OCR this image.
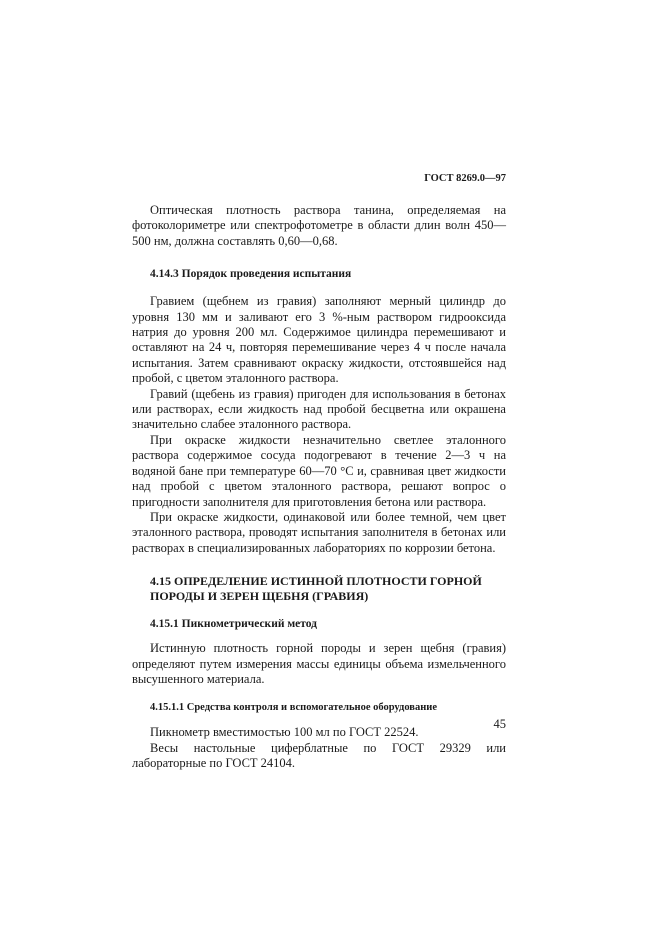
ГОСТ 8269.0—97

Оптическая плотность раствора танина, определяемая на фотоколориметре или спектрофотометре в области длин волн 450—500 нм, должна составлять 0,60—0,68.

4.14.3 Порядок проведения испытания

Гравием (щебнем из гравия) заполняют мерный цилиндр до уровня 130 мм и заливают его 3 %-ным раствором гидрооксида натрия до уровня 200 мл. Содержимое цилиндра перемешивают и оставляют на 24 ч, повторяя перемешивание через 4 ч после начала испытания. Затем сравнивают окраску жидкости, отстоявшейся над пробой, с цветом эталонного раствора.

Гравий (щебень из гравия) пригоден для использования в бетонах или растворах, если жидкость над пробой бесцветна или окрашена значительно слабее эталонного раствора.

При окраске жидкости незначительно светлее эталонного раствора содержимое сосуда подогревают в течение 2—3 ч на водяной бане при температуре 60—70 °С и, сравнивая цвет жидкости над пробой с цветом эталонного раствора, решают вопрос о пригодности заполнителя для приготовления бетона или раствора.

При окраске жидкости, одинаковой или более темной, чем цвет эталонного раствора, проводят испытания заполнителя в бетонах или растворах в специализированных лабораториях по коррозии бетона.

4.15 ОПРЕДЕЛЕНИЕ ИСТИННОЙ ПЛОТНОСТИ ГОРНОЙ
ПОРОДЫ И ЗЕРЕН ЩЕБНЯ (ГРАВИЯ)
4.15.1 Пикнометрический метод

Истинную плотность горной породы и зерен щебня (гравия) определяют путем измерения массы единицы объема измельченного высушенного материала.

4.15.1.1 Средства контроля и вспомогательное оборудование

Пикнометр вместимостью 100 мл по ГОСТ 22524.

Весы настольные циферблатные по ГОСТ 29329 или лабораторные по ГОСТ 24104.

45
